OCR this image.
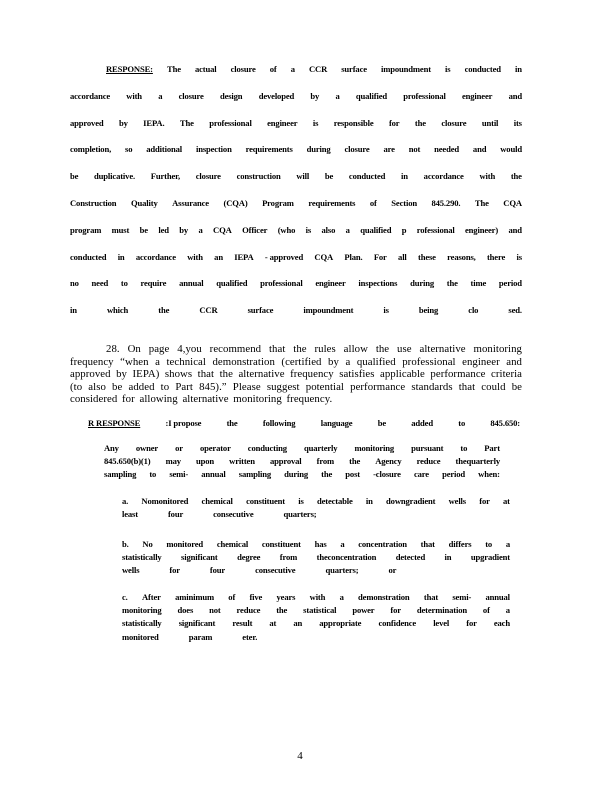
RESPONSE: The actual closure of a CCR surface impoundment is conducted in
accordance with a closure design developed by a qualified professional engineer and
approved by IEPA. The professional engineer is responsible for the closure until its
completion, so additional inspection requirements during closure are not needed and would
be duplicative. Further, closure construction will be conducted in accordance with the
Construction Quality Assurance (CQA) Program requirements of Section 845.290. The CQA
program must be led by a CQA Officer (who is also a qualified p rofessional engineer) and
conducted in accordance with an IEPA - approved CQA Plan. For all these reasons, there is
no need to require annual qualified professional engineer inspections during the time period
in	which	the	CCR	surface	impoundment	is	being	clo	sed.
28. On page 4,you recommend that the rules allow the use alternative monitoring frequency “when a technical demonstration (certified by a qualified professional engineer and approved by IEPA) shows that the alternative frequency satisfies applicable performance criteria (to also be added to Part 845).” Please suggest potential performance standards that could be considered for allowing alternative monitoring frequency.
R RESPONSE	:I propose	the	following	language	be	added	to	845.650:
Any owner or operator conducting quarterly monitoring pursuant to Part
845.650(b)(1) may upon written approval from the Agency reduce thequarterly
sampling to semi- annual sampling during the post -closure care period when:
a. Nomonitored chemical constituent is detectable in downgradient wells for at
least	four	consecutive	quarters;
b. No monitored chemical constituent has a concentration that differs to a
statistically significant degree from theconcentration detected in upgradient
wells	for	four	consecutive	quarters;	or
c. After aminimum of five years with a demonstration that semi- annual
monitoring does not reduce the statistical power for determination of a
statistically significant result at an appropriate confidence level for each
monitored	param	eter.
4
